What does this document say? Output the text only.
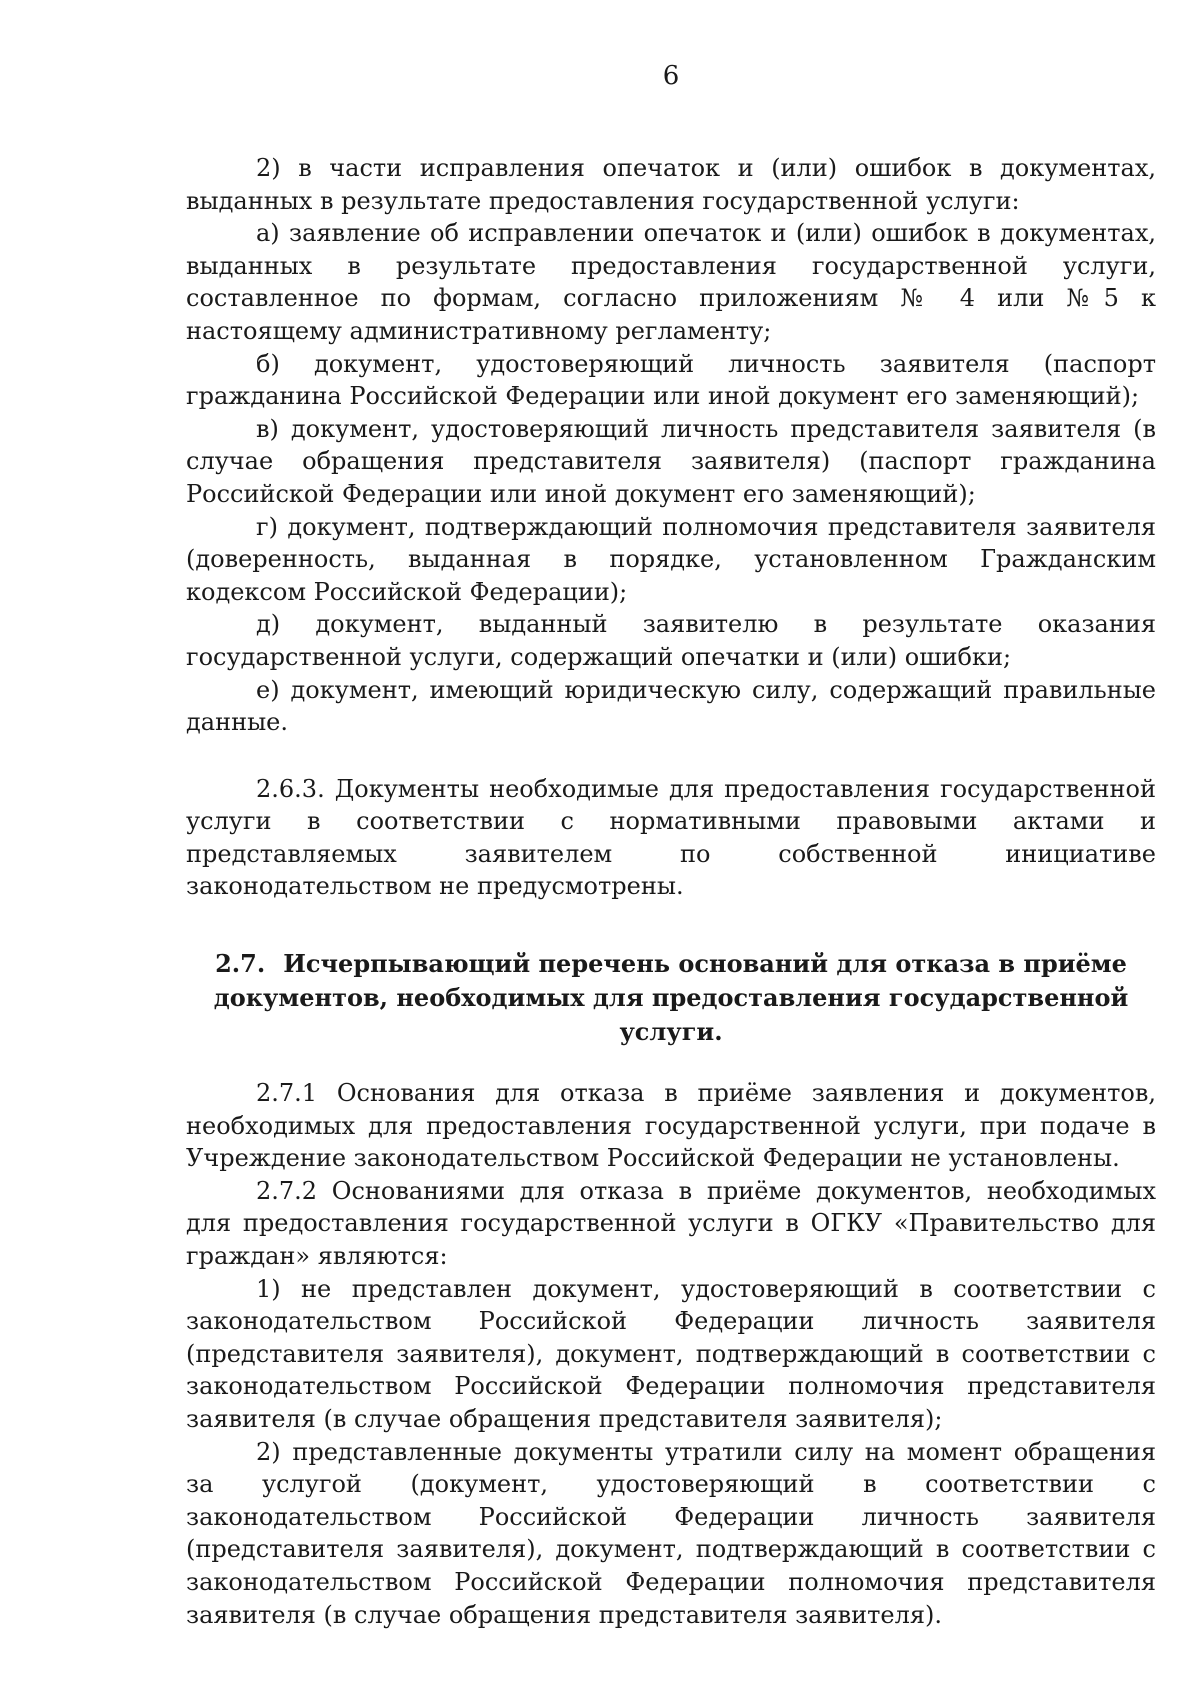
6

2) в части исправления опечаток и (или) ошибок в документах, выданных в результате предоставления государственной услуги:

а) заявление об исправлении опечаток и (или) ошибок в документах, выданных в результате предоставления государственной услуги, составленное по формам, согласно приложениям № 4 или №5 к настоящему административному регламенту;

б) документ, удостоверяющий личность заявителя (паспорт гражданина Российской Федерации или иной документ его заменяющий);

в) документ, удостоверяющий личность представителя заявителя (в случае обращения представителя заявителя) (паспорт гражданина Российской Федерации или иной документ его заменяющий);

г) документ, подтверждающий полномочия представителя заявителя (доверенность, выданная в порядке, установленном Гражданским кодексом Российской Федерации);

д) документ, выданный заявителю в результате оказания государственной услуги, содержащий опечатки и (или) ошибки;

е) документ, имеющий юридическую силу, содержащий правильные данные.

2.6.3. Документы необходимые для предоставления государственной услуги в соответствии с нормативными правовыми актами и представляемых заявителем по собственной инициативе законодательством не предусмотрены.

2.7. Исчерпывающий перечень оснований для отказа в приёме документов, необходимых для предоставления государственной услуги.

2.7.1 Основания для отказа в приёме заявления и документов, необходимых для предоставления государственной услуги, при подаче в Учреждение законодательством Российской Федерации не установлены.

2.7.2 Основаниями для отказа в приёме документов, необходимых для предоставления государственной услуги в ОГКУ «Правительство для граждан» являются:

1) не представлен документ, удостоверяющий в соответствии с законодательством Российской Федерации личность заявителя (представителя заявителя), документ, подтверждающий в соответствии с законодательством Российской Федерации полномочия представителя заявителя (в случае обращения представителя заявителя);

2) представленные документы утратили силу на момент обращения за услугой (документ, удостоверяющий в соответствии с законодательством Российской Федерации личность заявителя (представителя заявителя), документ, подтверждающий в соответствии с законодательством Российской Федерации полномочия представителя заявителя (в случае обращения представителя заявителя).
